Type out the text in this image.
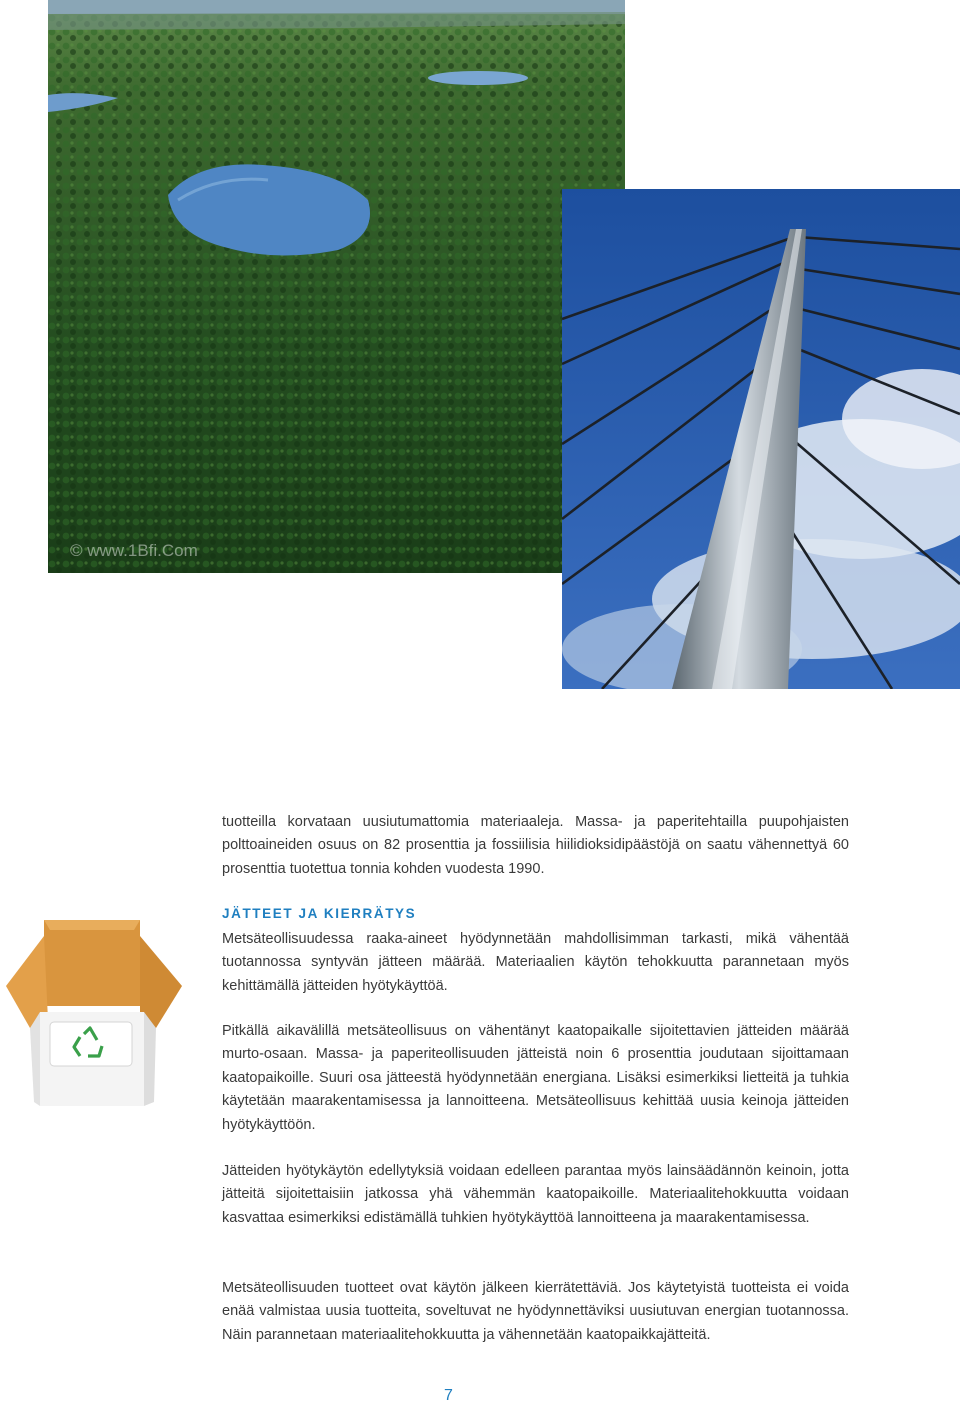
© www.1Bfi.Com

tuotteilla korvataan uusiutumattomia materiaaleja. Massa- ja paperitehtailla puupohjaisten polttoaineiden osuus on 82 prosenttia ja fossiilisia hiilidioksidipäästöjä on saatu vähennettyä 60 prosenttia tuotettua tonnia kohden vuodesta 1990.

JÄTTEET JA KIERRÄTYS

Metsäteollisuudessa raaka-aineet hyödynnetään mahdollisimman tarkasti, mikä vähentää tuotannossa syntyvän jätteen määrää. Materiaalien käytön tehokkuutta parannetaan myös kehittämällä jätteiden hyötykäyttöä.

Pitkällä aikavälillä metsäteollisuus on vähentänyt kaatopaikalle sijoitettavien jätteiden määrää murto-osaan. Massa- ja paperiteollisuuden jätteistä noin 6 prosenttia joudutaan sijoittamaan kaatopaikoille. Suuri osa jätteestä hyödynnetään energiana. Lisäksi esimerkiksi lietteitä ja tuhkia käytetään maarakentamisessa ja lannoitteena. Metsäteollisuus kehittää uusia keinoja jätteiden hyötykäyttöön.

Jätteiden hyötykäytön edellytyksiä voidaan edelleen parantaa myös lainsäädännön keinoin, jotta jätteitä sijoitettaisiin jatkossa yhä vähemmän kaatopaikoille. Materiaalitehokkuutta voidaan kasvattaa esimerkiksi edistämällä tuhkien hyötykäyttöä lannoitteena ja maarakentamisessa.

Metsäteollisuuden tuotteet ovat käytön jälkeen kierrätettäviä. Jos käytetyistä tuotteista ei voida enää valmistaa uusia tuotteita, soveltuvat ne hyödynnettäviksi uusiutuvan energian tuotannossa. Näin parannetaan materiaalitehokkuutta ja vähennetään kaatopaikkajätteitä.

7
